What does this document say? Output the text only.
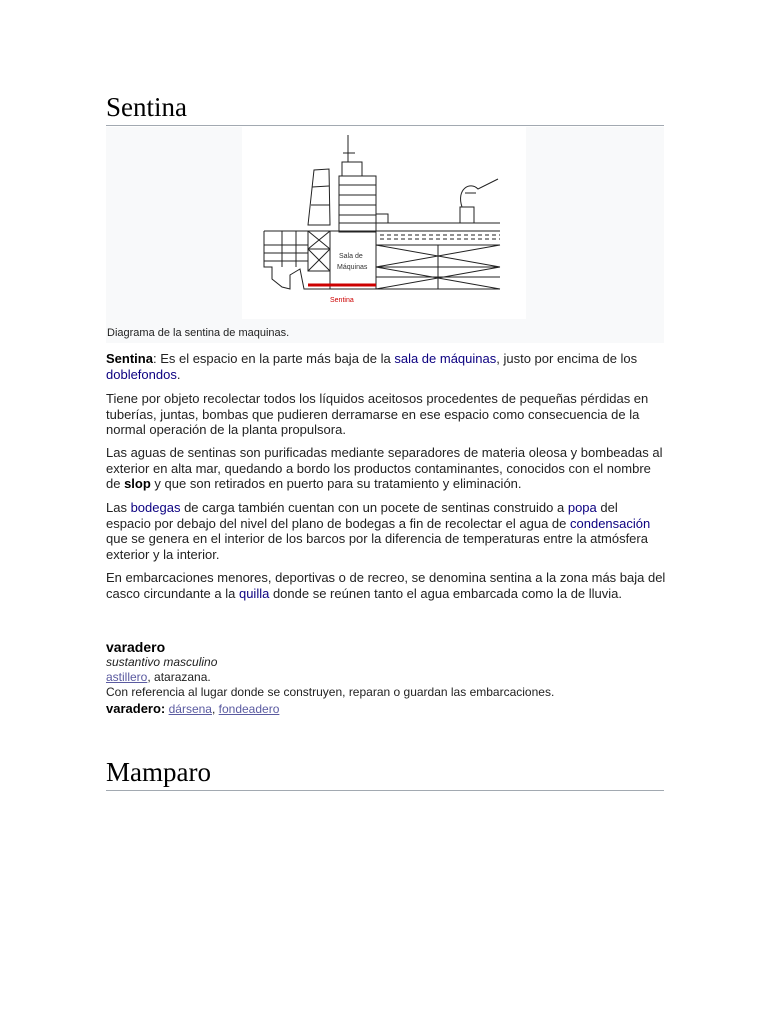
Sentina
Sala de
Máquinas
Sentina
Diagrama de la sentina de maquinas.

Sentina: Es el espacio en la parte más baja de la sala de máquinas, justo por encima de los doblefondos.

Tiene por objeto recolectar todos los líquidos aceitosos procedentes de pequeñas pérdidas en tuberías, juntas, bombas que pudieren derramarse en ese espacio como consecuencia de la normal operación de la planta propulsora.

Las aguas de sentinas son purificadas mediante separadores de materia oleosa y bombeadas al exterior en alta mar, quedando a bordo los productos contaminantes, conocidos con el nombre de slop y que son retirados en puerto para su tratamiento y eliminación.

Las bodegas de carga también cuentan con un pocete de sentinas construido a popa del espacio por debajo del nivel del plano de bodegas a fin de recolectar el agua de condensación que se genera en el interior de los barcos por la diferencia de temperaturas entre la atmósfera exterior y la interior.

En embarcaciones menores, deportivas o de recreo, se denomina sentina a la zona más baja del casco circundante a la quilla donde se reúnen tanto el agua embarcada como la de lluvia.

varadero
sustantivo masculino
astillero, atarazana.
Con referencia al lugar donde se construyen, reparan o guardan las embarcaciones.
varadero: dársena, fondeadero
Mamparo
